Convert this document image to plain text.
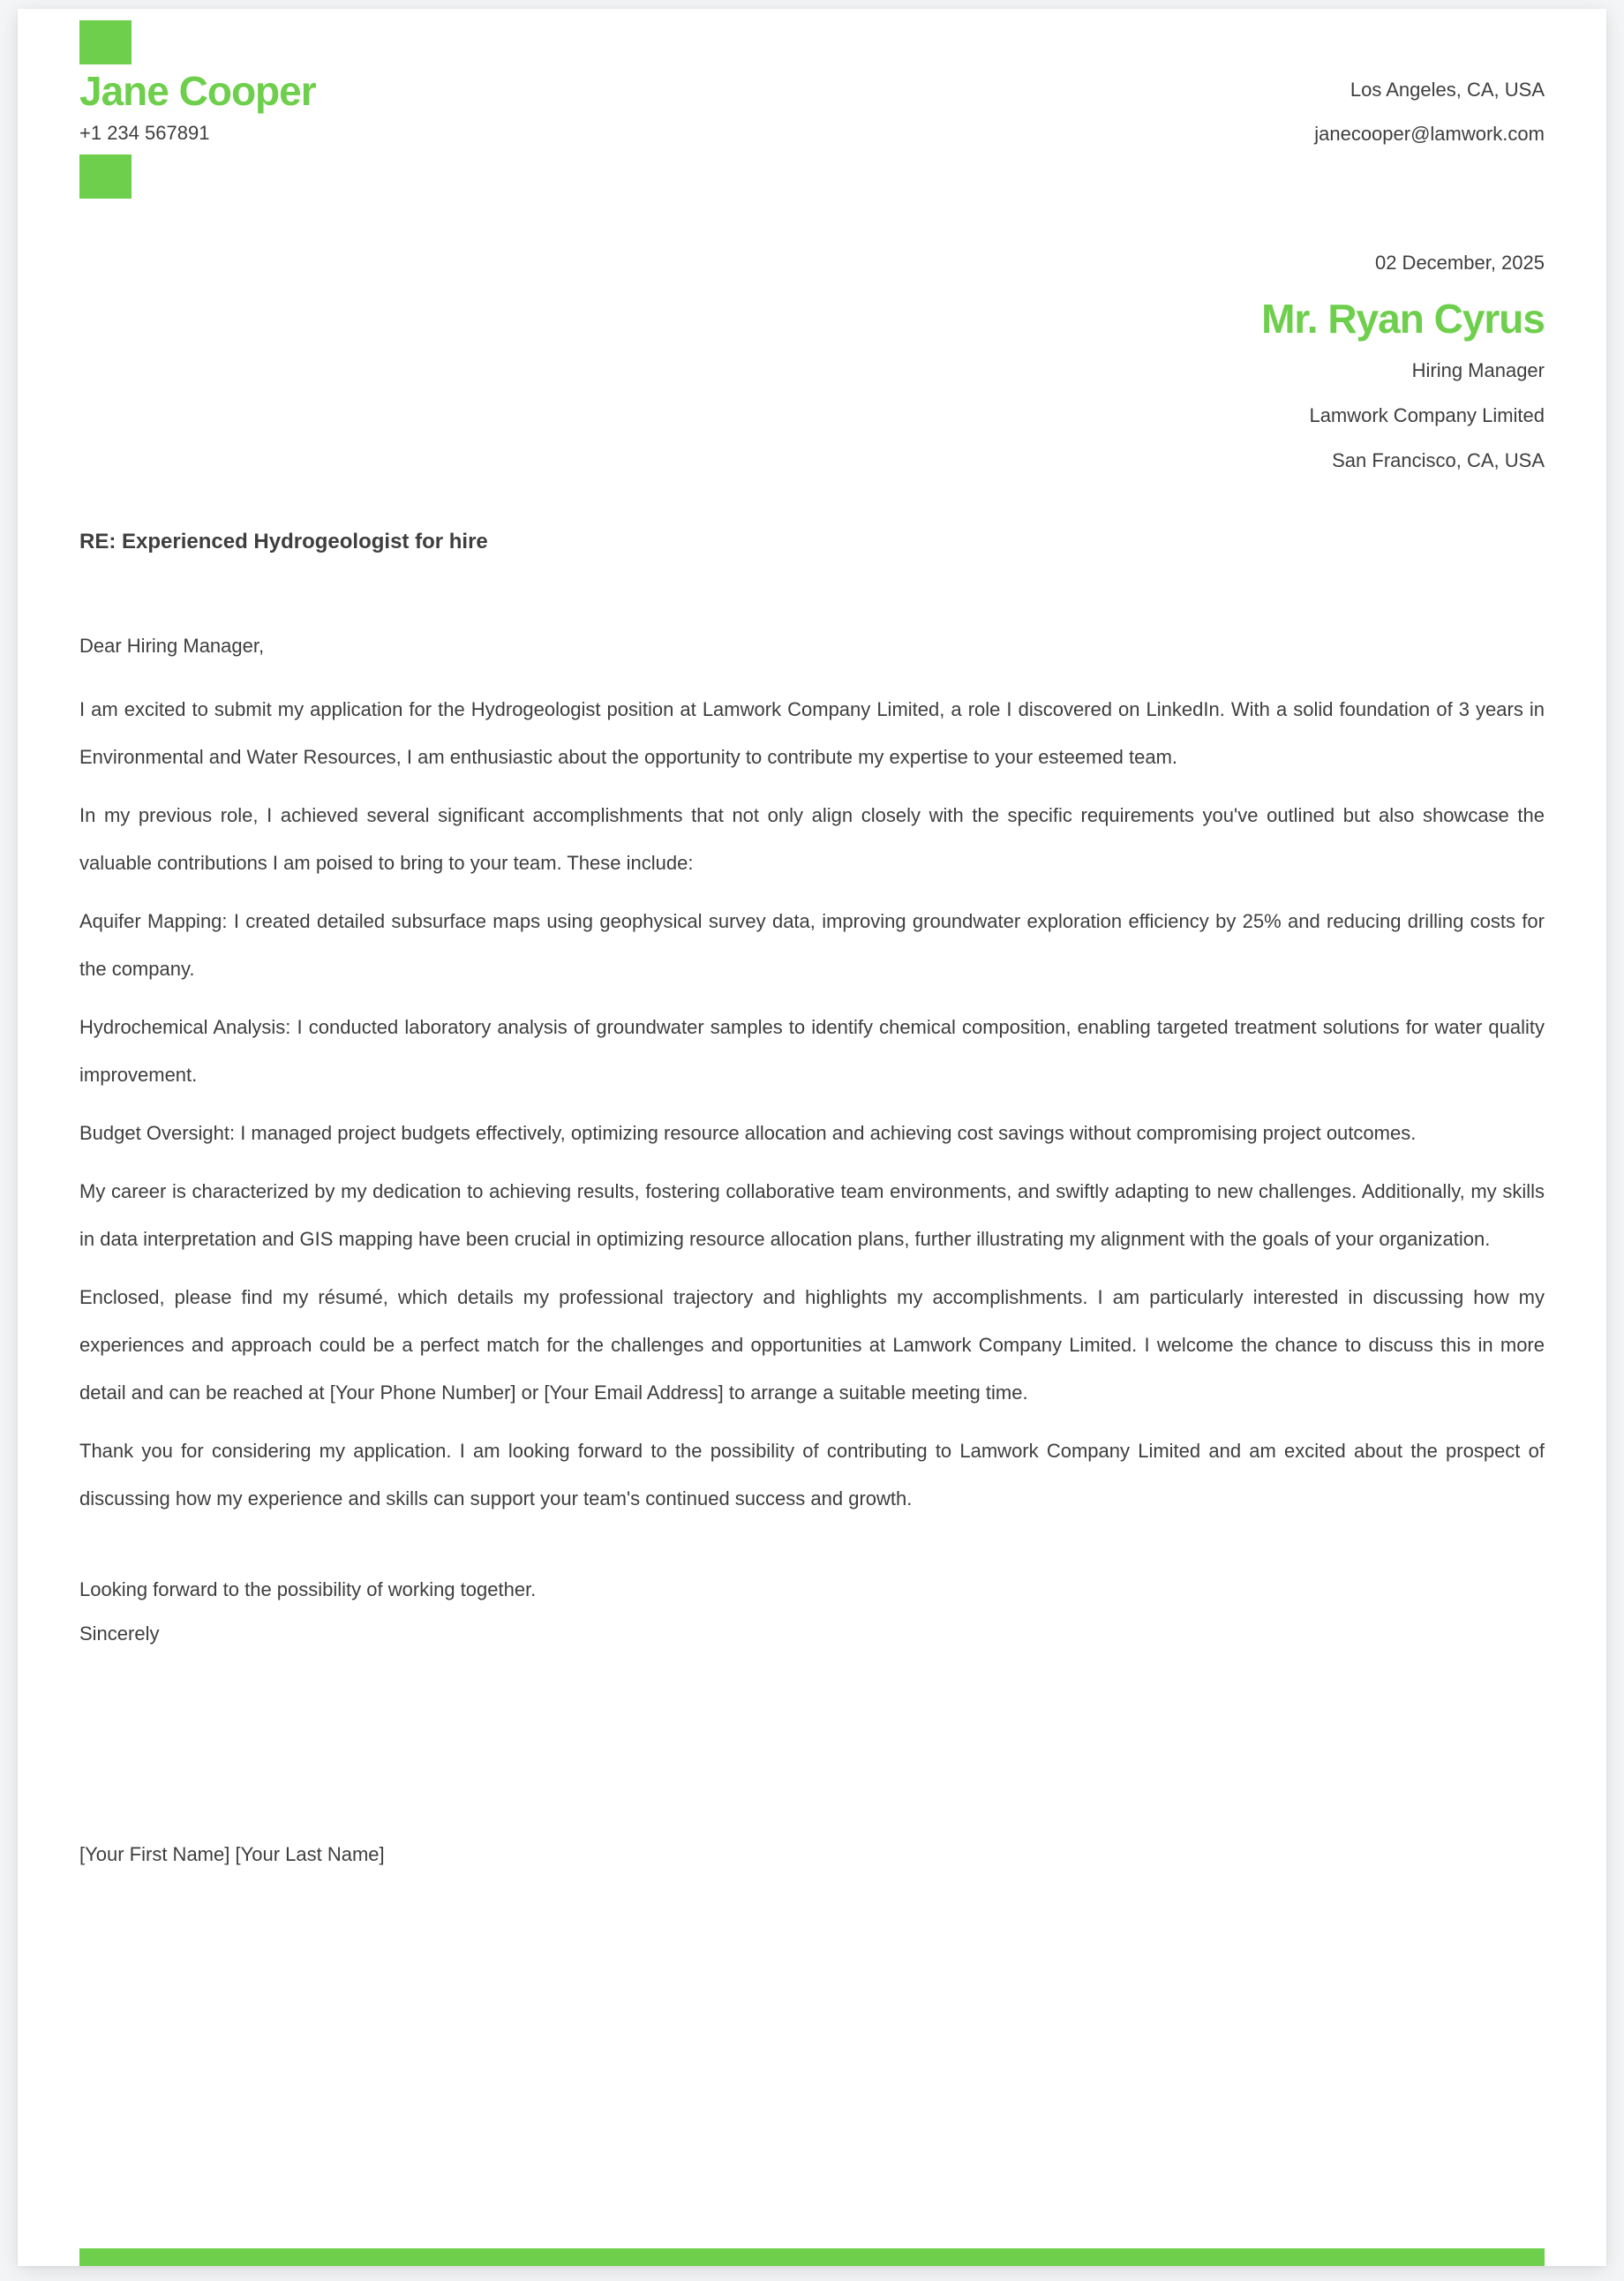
Jane Cooper
+1 234 567891
Los Angeles, CA, USA
janecooper@lamwork.com
02 December, 2025
Mr. Ryan Cyrus
Hiring Manager
Lamwork Company Limited
San Francisco, CA, USA
RE: Experienced Hydrogeologist for hire
Dear Hiring Manager,

I am excited to submit my application for the Hydrogeologist position at Lamwork Company Limited, a role I discovered on LinkedIn. With a solid foundation of 3 years in Environmental and Water Resources, I am enthusiastic about the opportunity to contribute my expertise to your esteemed team.

In my previous role, I achieved several significant accomplishments that not only align closely with the specific requirements you've outlined but also showcase the valuable contributions I am poised to bring to your team. These include:

Aquifer Mapping: I created detailed subsurface maps using geophysical survey data, improving groundwater exploration efficiency by 25% and reducing drilling costs for the company.

Hydrochemical Analysis: I conducted laboratory analysis of groundwater samples to identify chemical composition, enabling targeted treatment solutions for water quality improvement.

Budget Oversight: I managed project budgets effectively, optimizing resource allocation and achieving cost savings without compromising project outcomes.

My career is characterized by my dedication to achieving results, fostering collaborative team environments, and swiftly adapting to new challenges. Additionally, my skills in data interpretation and GIS mapping have been crucial in optimizing resource allocation plans, further illustrating my alignment with the goals of your organization.

Enclosed, please find my résumé, which details my professional trajectory and highlights my accomplishments. I am particularly interested in discussing how my experiences and approach could be a perfect match for the challenges and opportunities at Lamwork Company Limited. I welcome the chance to discuss this in more detail and can be reached at [Your Phone Number] or [Your Email Address] to arrange a suitable meeting time.

Thank you for considering my application. I am looking forward to the possibility of contributing to Lamwork Company Limited and am excited about the prospect of discussing how my experience and skills can support your team's continued success and growth.

Looking forward to the possibility of working together.
Sincerely
[Your First Name] [Your Last Name]
